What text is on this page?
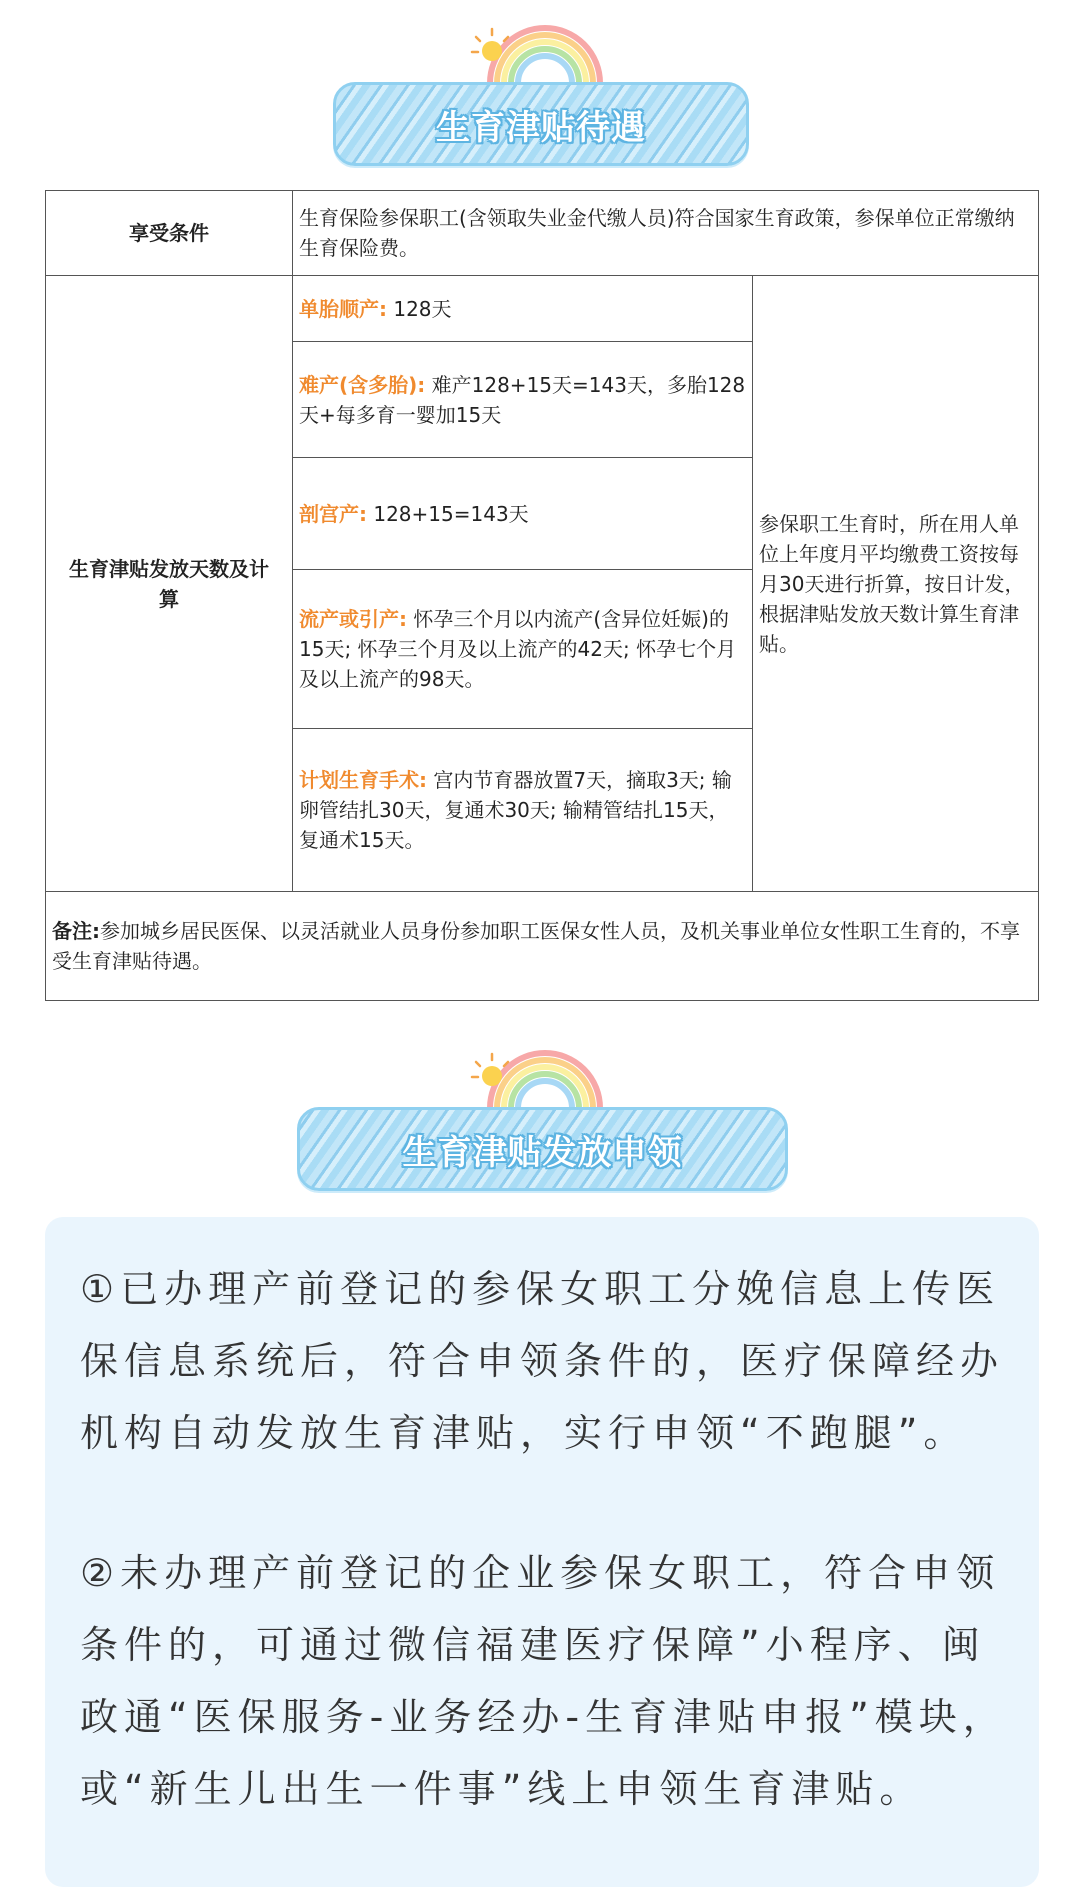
生育津贴待遇
享受条件	生育保险参保职工(含领取失业金代缴人员)符合国家生育政策，参保单位正常缴纳生育保险费。	
生育津贴发放天数及计算	单胎顺产: 128天	参保职工生育时，所在用人单位上年度月平均缴费工资按每月30天进行折算，按日计发，根据津贴发放天数计算生育津贴。
	难产(含多胎): 难产128+15天=143天，多胎128天+每多育一婴加15天	
	剖宫产: 128+15=143天	
	流产或引产: 怀孕三个月以内流产(含异位妊娠)的15天; 怀孕三个月及以上流产的42天; 怀孕七个月及以上流产的98天。	
	计划生育手术: 宫内节育器放置7天，摘取3天; 输卵管结扎30天，复通术30天; 输精管结扎15天，复通术15天。	
备注:参加城乡居民医保、以灵活就业人员身份参加职工医保女性人员，及机关事业单位女性职工生育的，不享受生育津贴待遇。		
生育津贴发放申领

①已办理产前登记的参保女职工分娩信息上传医保信息系统后，符合申领条件的，医疗保障经办机构自动发放生育津贴，实行申领“不跑腿”。

②未办理产前登记的企业参保女职工，符合申领条件的，可通过微信福建医疗保障”小程序、闽政通“医保服务-业务经办-生育津贴申报”模块，或“新生儿出生一件事”线上申领生育津贴。
